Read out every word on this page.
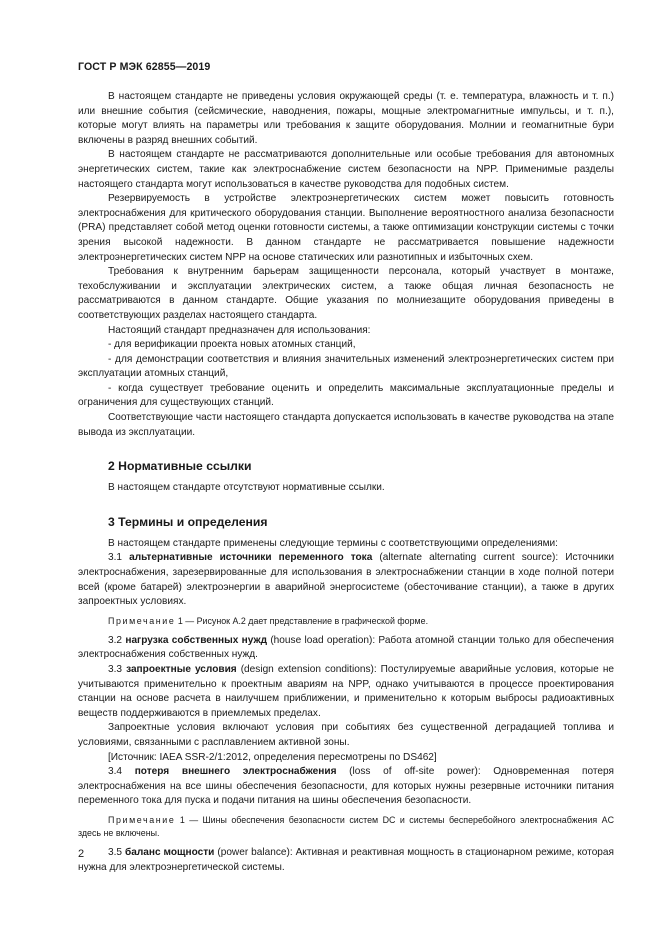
ГОСТ Р МЭК 62855—2019

В настоящем стандарте не приведены условия окружающей среды (т. е. температура, влажность и т. п.) или внешние события (сейсмические, наводнения, пожары, мощные электромагнитные импульсы, и т. п.), которые могут влиять на параметры или требования к защите оборудования. Молнии и геомагнитные бури включены в разряд внешних событий.

В настоящем стандарте не рассматриваются дополнительные или особые требования для автономных энергетических систем, такие как электроснабжение систем безопасности на NPP. Применимые разделы настоящего стандарта могут использоваться в качестве руководства для подобных систем.

Резервируемость в устройстве электроэнергетических систем может повысить готовность электроснабжения для критического оборудования станции. Выполнение вероятностного анализа безопасности (PRA) представляет собой метод оценки готовности системы, а также оптимизации конструкции системы с точки зрения высокой надежности. В данном стандарте не рассматривается повышение надежности электроэнергетических систем NPP на основе статических или разнотипных и избыточных схем.

Требования к внутренним барьерам защищенности персонала, который участвует в монтаже, техобслуживании и эксплуатации электрических систем, а также общая личная безопасность не рассматриваются в данном стандарте. Общие указания по молниезащите оборудования приведены в соответствующих разделах настоящего стандарта.

Настоящий стандарт предназначен для использования:

- для верификации проекта новых атомных станций,

- для демонстрации соответствия и влияния значительных изменений электроэнергетических систем при эксплуатации атомных станций,

- когда существует требование оценить и определить максимальные эксплуатационные пределы и ограничения для существующих станций.

Соответствующие части настоящего стандарта допускается использовать в качестве руководства на этапе вывода из эксплуатации.

2 Нормативные ссылки

В настоящем стандарте отсутствуют нормативные ссылки.

3 Термины и определения

В настоящем стандарте применены следующие термины с соответствующими определениями:

3.1 альтернативные источники переменного тока (alternate alternating current source): Источники электроснабжения, зарезервированные для использования в электроснабжении станции в ходе полной потери всей (кроме батарей) электроэнергии в аварийной энергосистеме (обесточивание станции), а также в других запроектных условиях.

Примечание 1 — Рисунок А.2 дает представление в графической форме.

3.2 нагрузка собственных нужд (house load operation): Работа атомной станции только для обеспечения электроснабжения собственных нужд.

3.3 запроектные условия (design extension conditions): Постулируемые аварийные условия, которые не учитываются применительно к проектным авариям на NPP, однако учитываются в процессе проектирования станции на основе расчета в наилучшем приближении, и применительно к которым выбросы радиоактивных веществ поддерживаются в приемлемых пределах.

Запроектные условия включают условия при событиях без существенной деградацией топлива и условиями, связанными с расплавлением активной зоны.

[Источник: IAEA SSR-2/1:2012, определения пересмотрены по DS462]

3.4 потеря внешнего электроснабжения (loss of off-site power): Одновременная потеря электроснабжения на все шины обеспечения безопасности, для которых нужны резервные источники питания переменного тока для пуска и подачи питания на шины обеспечения безопасности.

Примечание 1 — Шины обеспечения безопасности систем DC и системы бесперебойного электроснабжения AC здесь не включены.

3.5 баланс мощности (power balance): Активная и реактивная мощность в стационарном режиме, которая нужна для электроэнергетической системы.

2
